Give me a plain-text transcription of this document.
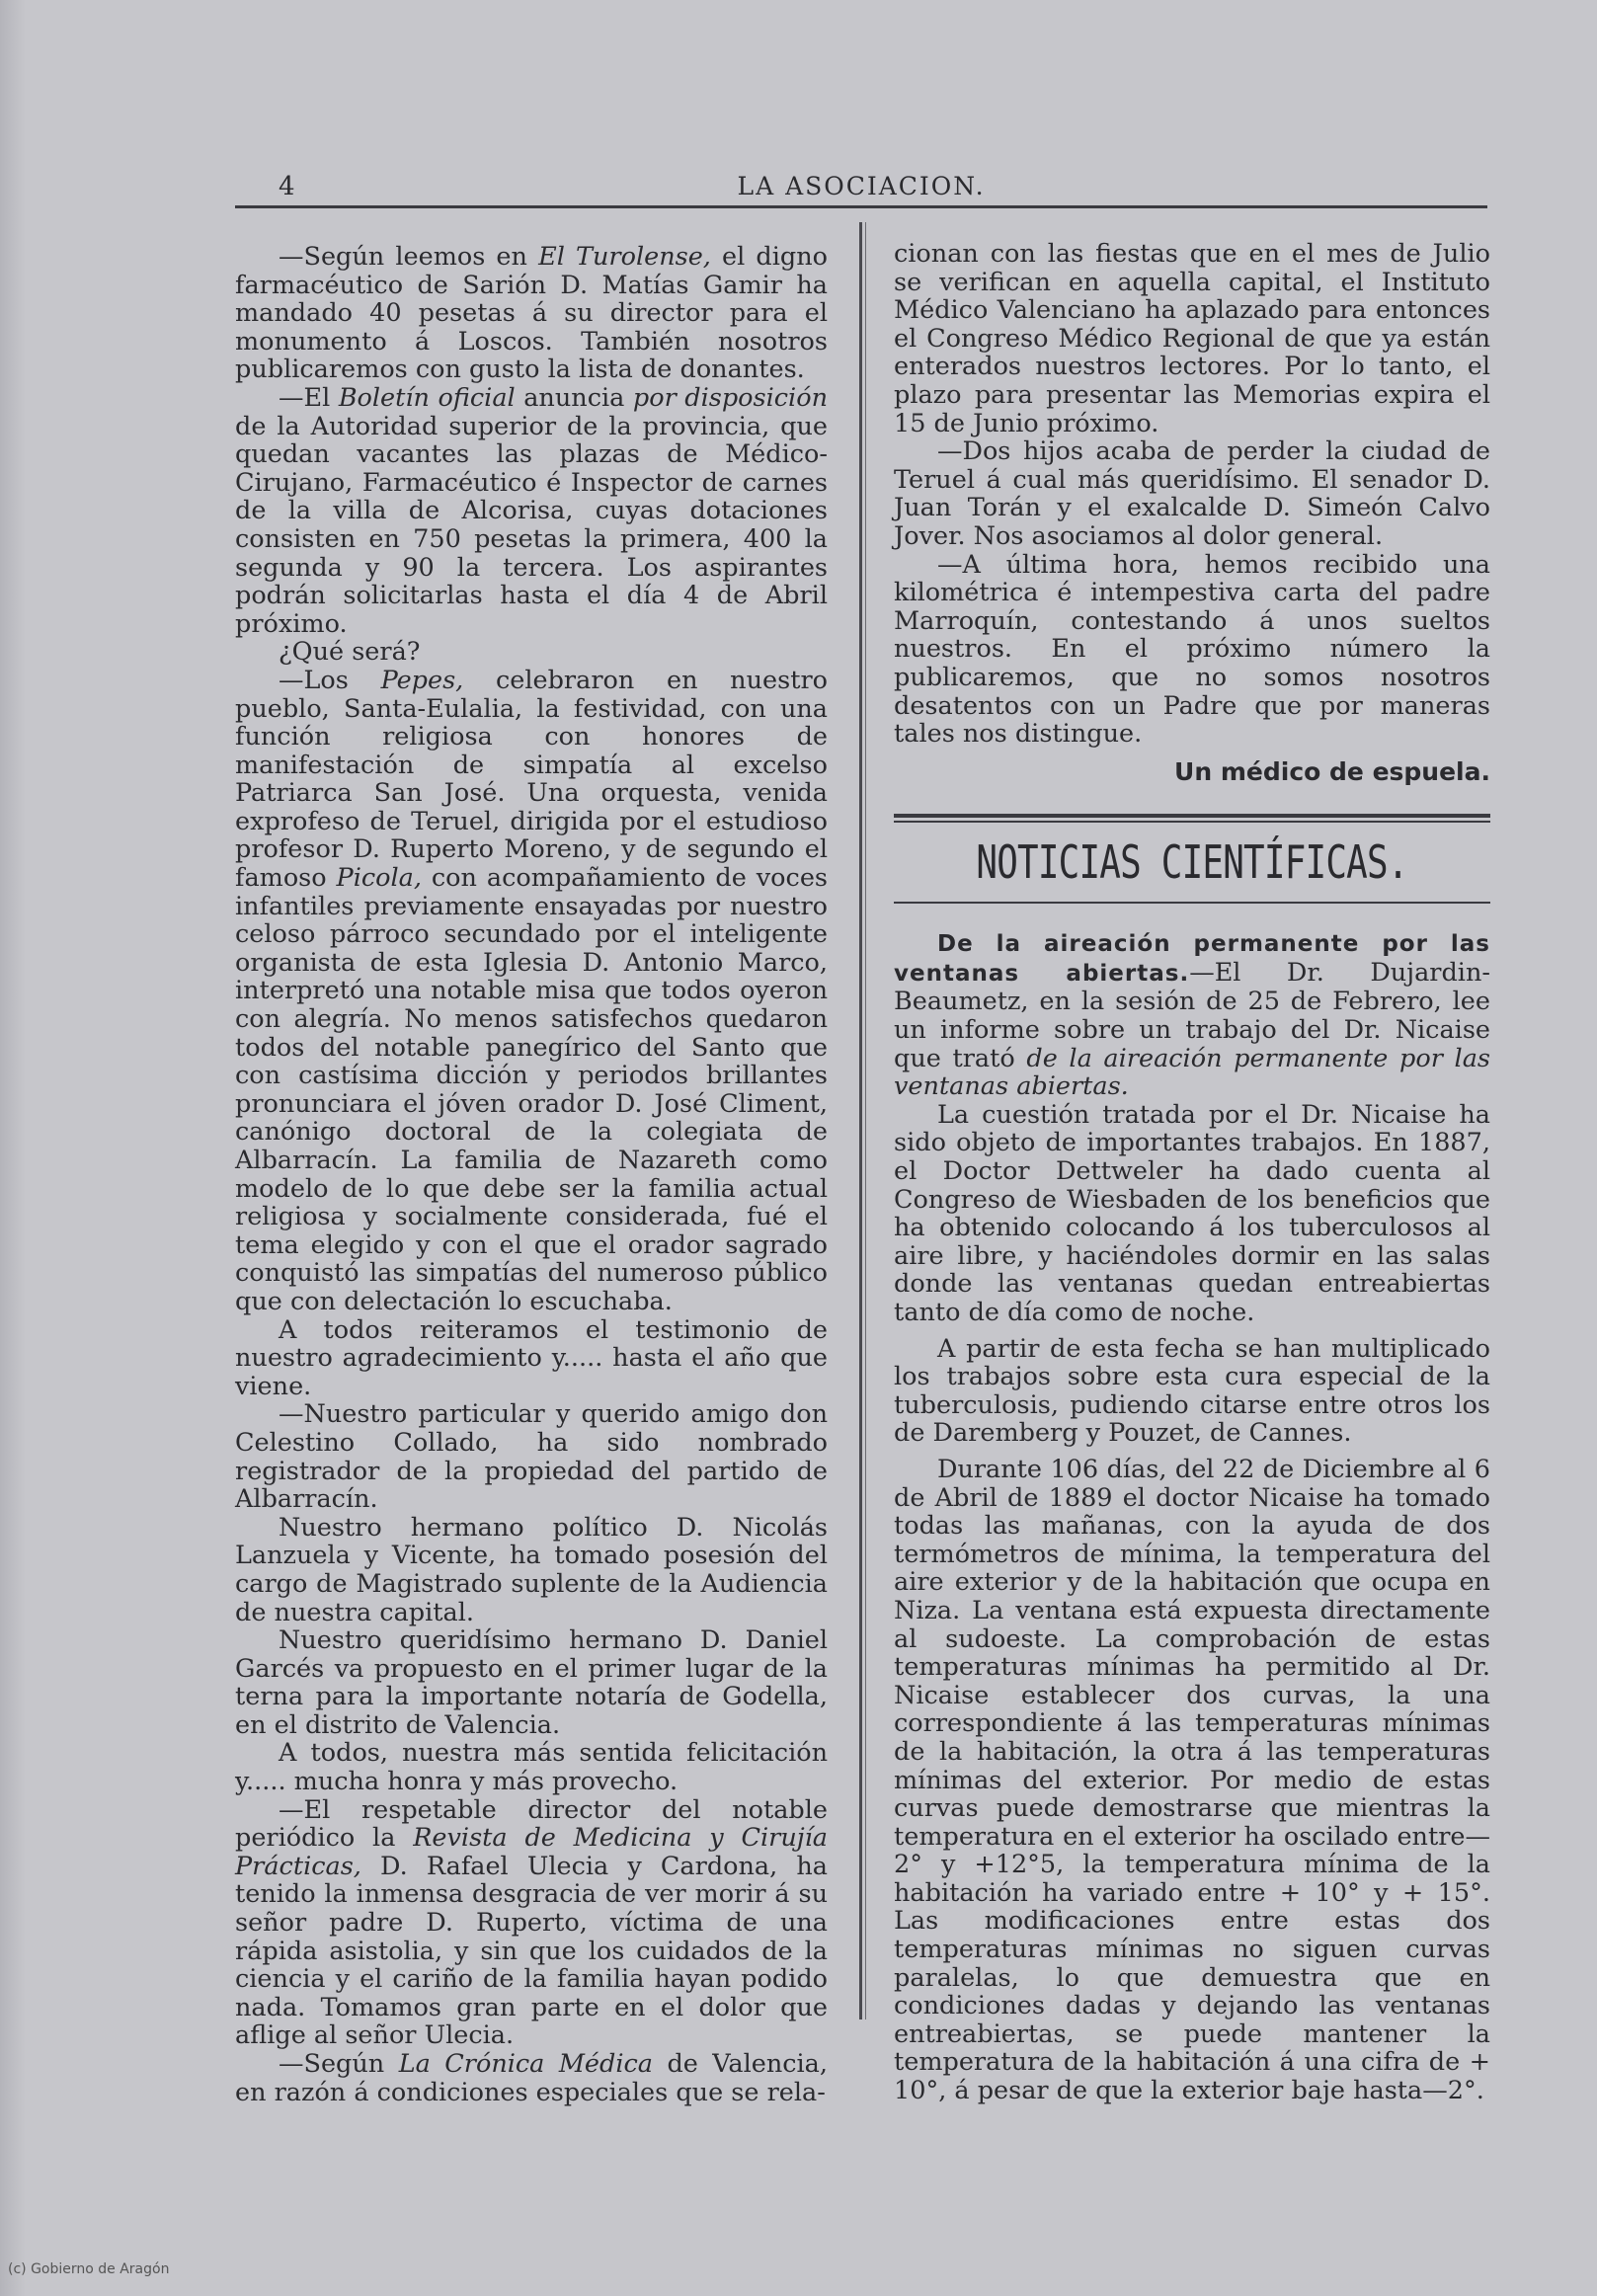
4	LA ASOCIACION.

—Según leemos en El Turolense, el digno farmacéutico de Sarión D. Matías Gamir ha mandado 40 pesetas á su director para el monumento á Loscos. También nosotros publicaremos con gusto la lista de donantes.

—El Boletín oficial anuncia por disposición de la Autoridad superior de la provincia, que quedan vacantes las plazas de Médico-Cirujano, Farmacéutico é Inspector de carnes de la villa de Alcorisa, cuyas dotaciones consisten en 750 pesetas la primera, 400 la segunda y 90 la tercera. Los aspirantes podrán solicitarlas hasta el día 4 de Abril próximo.

¿Qué será?

—Los Pepes, celebraron en nuestro pueblo, Santa-Eulalia, la festividad, con una función religiosa con honores de manifestación de simpatía al excelso Patriarca San José. Una orquesta, venida exprofeso de Teruel, dirigida por el estudioso profesor D. Ruperto Moreno, y de segundo el famoso Picola, con acompañamiento de voces infantiles previamente ensayadas por nuestro celoso párroco secundado por el inteligente organista de esta Iglesia D. Antonio Marco, interpretó una notable misa que todos oyeron con alegría. No menos satisfechos quedaron todos del notable panegírico del Santo que con castísima dicción y periodos brillantes pronunciara el jóven orador D. José Climent, canónigo doctoral de la colegiata de Albarracín. La familia de Nazareth como modelo de lo que debe ser la familia actual religiosa y socialmente considerada, fué el tema elegido y con el que el orador sagrado conquistó las simpatías del numeroso público que con delectación lo escuchaba.

A todos reiteramos el testimonio de nuestro agradecimiento y..... hasta el año que viene.

—Nuestro particular y querido amigo don Celestino Collado, ha sido nombrado registrador de la propiedad del partido de Albarracín.

Nuestro hermano político D. Nicolás Lanzuela y Vicente, ha tomado posesión del cargo de Magistrado suplente de la Audiencia de nuestra capital.

Nuestro queridísimo hermano D. Daniel Garcés va propuesto en el primer lugar de la terna para la importante notaría de Godella, en el distrito de Valencia.

A todos, nuestra más sentida felicitación y..... mucha honra y más provecho.

—El respetable director del notable periódico la Revista de Medicina y Cirujía Prácticas, D. Rafael Ulecia y Cardona, ha tenido la inmensa desgracia de ver morir á su señor padre D. Ruperto, víctima de una rápida asistolia, y sin que los cuidados de la ciencia y el cariño de la familia hayan podido nada. Tomamos gran parte en el dolor que aflige al señor Ulecia.

—Según La Crónica Médica de Valencia, en razón á condiciones especiales que se rela-

cionan con las fiestas que en el mes de Julio se verifican en aquella capital, el Instituto Médico Valenciano ha aplazado para entonces el Congreso Médico Regional de que ya están enterados nuestros lectores. Por lo tanto, el plazo para presentar las Memorias expira el 15 de Junio próximo.

—Dos hijos acaba de perder la ciudad de Teruel á cual más queridísimo. El senador D. Juan Torán y el exalcalde D. Simeón Calvo Jover. Nos asociamos al dolor general.

—A última hora, hemos recibido una kilométrica é intempestiva carta del padre Marroquín, contestando á unos sueltos nuestros. En el próximo número la publicaremos, que no somos nosotros desatentos con un Padre que por maneras tales nos distingue.

Un médico de espuela.
NOTICIAS CIENTÍFICAS.

De la aireación permanente por las ventanas abiertas.—El Dr. Dujardin-Beaumetz, en la sesión de 25 de Febrero, lee un informe sobre un trabajo del Dr. Nicaise que trató de la aireación permanente por las ventanas abiertas.

La cuestión tratada por el Dr. Nicaise ha sido objeto de importantes trabajos. En 1887, el Doctor Dettweler ha dado cuenta al Congreso de Wiesbaden de los beneficios que ha obtenido colocando á los tuberculosos al aire libre, y haciéndoles dormir en las salas donde las ventanas quedan entreabiertas tanto de día como de noche.

A partir de esta fecha se han multiplicado los trabajos sobre esta cura especial de la tuberculosis, pudiendo citarse entre otros los de Daremberg y Pouzet, de Cannes.

Durante 106 días, del 22 de Diciembre al 6 de Abril de 1889 el doctor Nicaise ha tomado todas las mañanas, con la ayuda de dos termómetros de mínima, la temperatura del aire exterior y de la habitación que ocupa en Niza. La ventana está expuesta directamente al sudoeste. La comprobación de estas temperaturas mínimas ha permitido al Dr. Nicaise establecer dos curvas, la una correspondiente á las temperaturas mínimas de la habitación, la otra á las temperaturas mínimas del exterior. Por medio de estas curvas puede demostrarse que mientras la temperatura en el exterior ha oscilado entre—2° y +12°5, la temperatura mínima de la habitación ha variado entre + 10° y + 15°. Las modificaciones entre estas dos temperaturas mínimas no siguen curvas paralelas, lo que demuestra que en condiciones dadas y dejando las ventanas entreabiertas, se puede mantener la temperatura de la habitación á una cifra de + 10°, á pesar de que la exterior baje hasta—2°.

(c) Gobierno de Aragón
